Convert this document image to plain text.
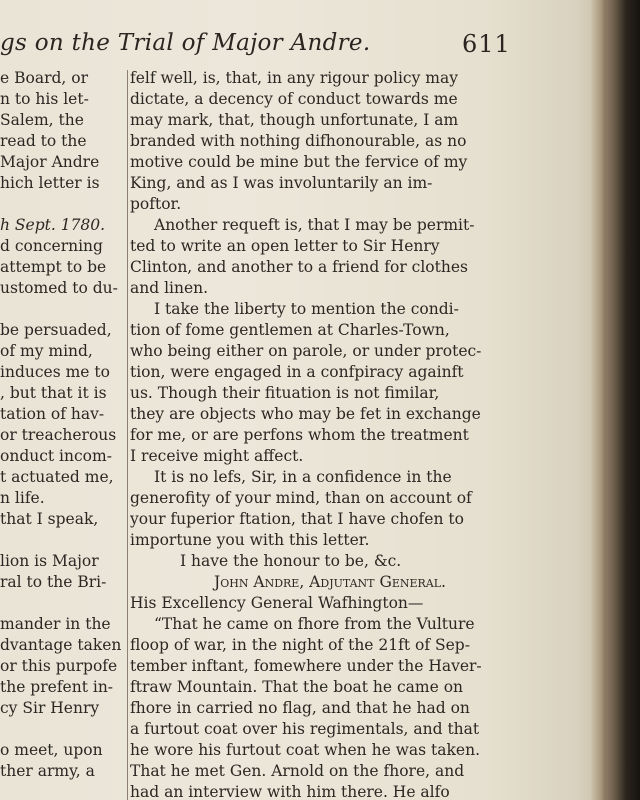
gs on the Trial of Major Andre.	611
e Board, or
n to his let-
Salem, the
read to the
Major Andre
hich letter is
h Sept. 1780.
d concerning
attempt to be
ustomed to du-
be persuaded,
of my mind,
induces me to
, but that it is
tation of hav-
or treacherous
onduct incom-
t actuated me,
n life.
that I speak,
lion is Major
ral to the Bri-
mander in the
dvantage taken
or this purpofe
the prefent in-
cy Sir Henry
o meet, upon
ther army, a
felf well, is, that, in any rigour policy may
dictate, a decency of conduct towards me
may mark, that, though unfortunate, I am
branded with nothing difhonourable, as no
motive could be mine but the fervice of my
King, and as I was involuntarily an im-
poftor.
Another requeft is, that I may be permit-
ted to write an open letter to Sir Henry
Clinton, and another to a friend for clothes
and linen.
I take the liberty to mention the condi-
tion of fome gentlemen at Charles-Town,
who being either on parole, or under protec-
tion, were engaged in a confpiracy againft
us. Though their fituation is not fimilar,
they are objects who may be fet in exchange
for me, or are perfons whom the treatment
I receive might affect.
It is no lefs, Sir, in a confidence in the
generofity of your mind, than on account of
your fuperior ftation, that I have chofen to
importune you with this letter.
I have the honour to be, &c.
John Andre, Adjutant General.
His Excellency General Wafhington—
“That he came on fhore from the Vulture
floop of war, in the night of the 21ft of Sep-
tember inftant, fomewhere under the Haver-
ftraw Mountain. That the boat he came on
fhore in carried no flag, and that he had on
a furtout coat over his regimentals, and that
he wore his furtout coat when he was taken.
That he met Gen. Arnold on the fhore, and
had an interview with him there. He alfo
